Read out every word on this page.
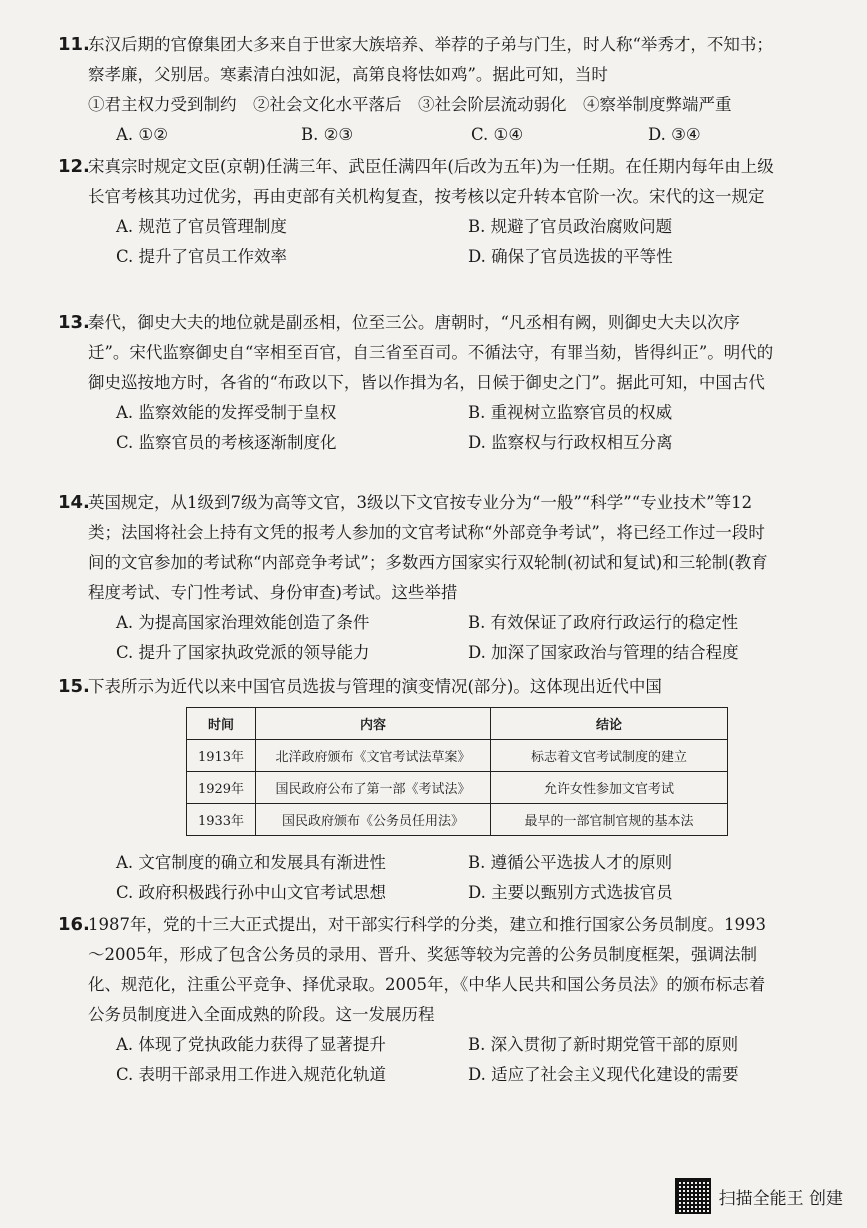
11.
东汉后期的官僚集团大多来自于世家大族培养、举荐的子弟与门生，时人称“举秀才，不知书；察孝廉，父别居。寒素清白浊如泥，高第良将怯如鸡”。据此可知，当时
①君主权力受到制约　②社会文化水平落后　③社会阶层流动弱化　④察举制度弊端严重
A. ①②	B. ②③	C. ①④	D. ③④
12.
宋真宗时规定文臣(京朝)任满三年、武臣任满四年(后改为五年)为一任期。在任期内每年由上级长官考核其功过优劣，再由吏部有关机构复查，按考核以定升转本官阶一次。宋代的这一规定
A. 规范了官员管理制度	B. 规避了官员政治腐败问题
C. 提升了官员工作效率	D. 确保了官员选拔的平等性
13.
秦代，御史大夫的地位就是副丞相，位至三公。唐朝时，“凡丞相有阙，则御史大夫以次序迁”。宋代监察御史自“宰相至百官，自三省至百司。不循法守，有罪当劾，皆得纠正”。明代的御史巡按地方时，各省的“布政以下，皆以作揖为名，日候于御史之门”。据此可知，中国古代
A. 监察效能的发挥受制于皇权	B. 重视树立监察官员的权威
C. 监察官员的考核逐渐制度化	D. 监察权与行政权相互分离
14.
英国规定，从1级到7级为高等文官，3级以下文官按专业分为“一般”“科学”“专业技术”等12类；法国将社会上持有文凭的报考人参加的文官考试称“外部竞争考试”，将已经工作过一段时间的文官参加的考试称“内部竞争考试”；多数西方国家实行双轮制(初试和复试)和三轮制(教育程度考试、专门性考试、身份审查)考试。这些举措
A. 为提高国家治理效能创造了条件	B. 有效保证了政府行政运行的稳定性
C. 提升了国家执政党派的领导能力	D. 加深了国家政治与管理的结合程度
15.
下表所示为近代以来中国官员选拔与管理的演变情况(部分)。这体现出近代中国
时间	内容	结论
1913年	北洋政府颁布《文官考试法草案》	标志着文官考试制度的建立
1929年	国民政府公布了第一部《考试法》	允许女性参加文官考试
1933年	国民政府颁布《公务员任用法》	最早的一部官制官规的基本法
A. 文官制度的确立和发展具有渐进性	B. 遵循公平选拔人才的原则
C. 政府积极践行孙中山文官考试思想	D. 主要以甄别方式选拔官员
16.
1987年，党的十三大正式提出，对干部实行科学的分类，建立和推行国家公务员制度。1993～2005年，形成了包含公务员的录用、晋升、奖惩等较为完善的公务员制度框架，强调法制化、规范化，注重公平竞争、择优录取。2005年，《中华人民共和国公务员法》的颁布标志着公务员制度进入全面成熟的阶段。这一发展历程
A. 体现了党执政能力获得了显著提升	B. 深入贯彻了新时期党管干部的原则
C. 表明干部录用工作进入规范化轨道	D. 适应了社会主义现代化建设的需要
扫描全能王 创建
